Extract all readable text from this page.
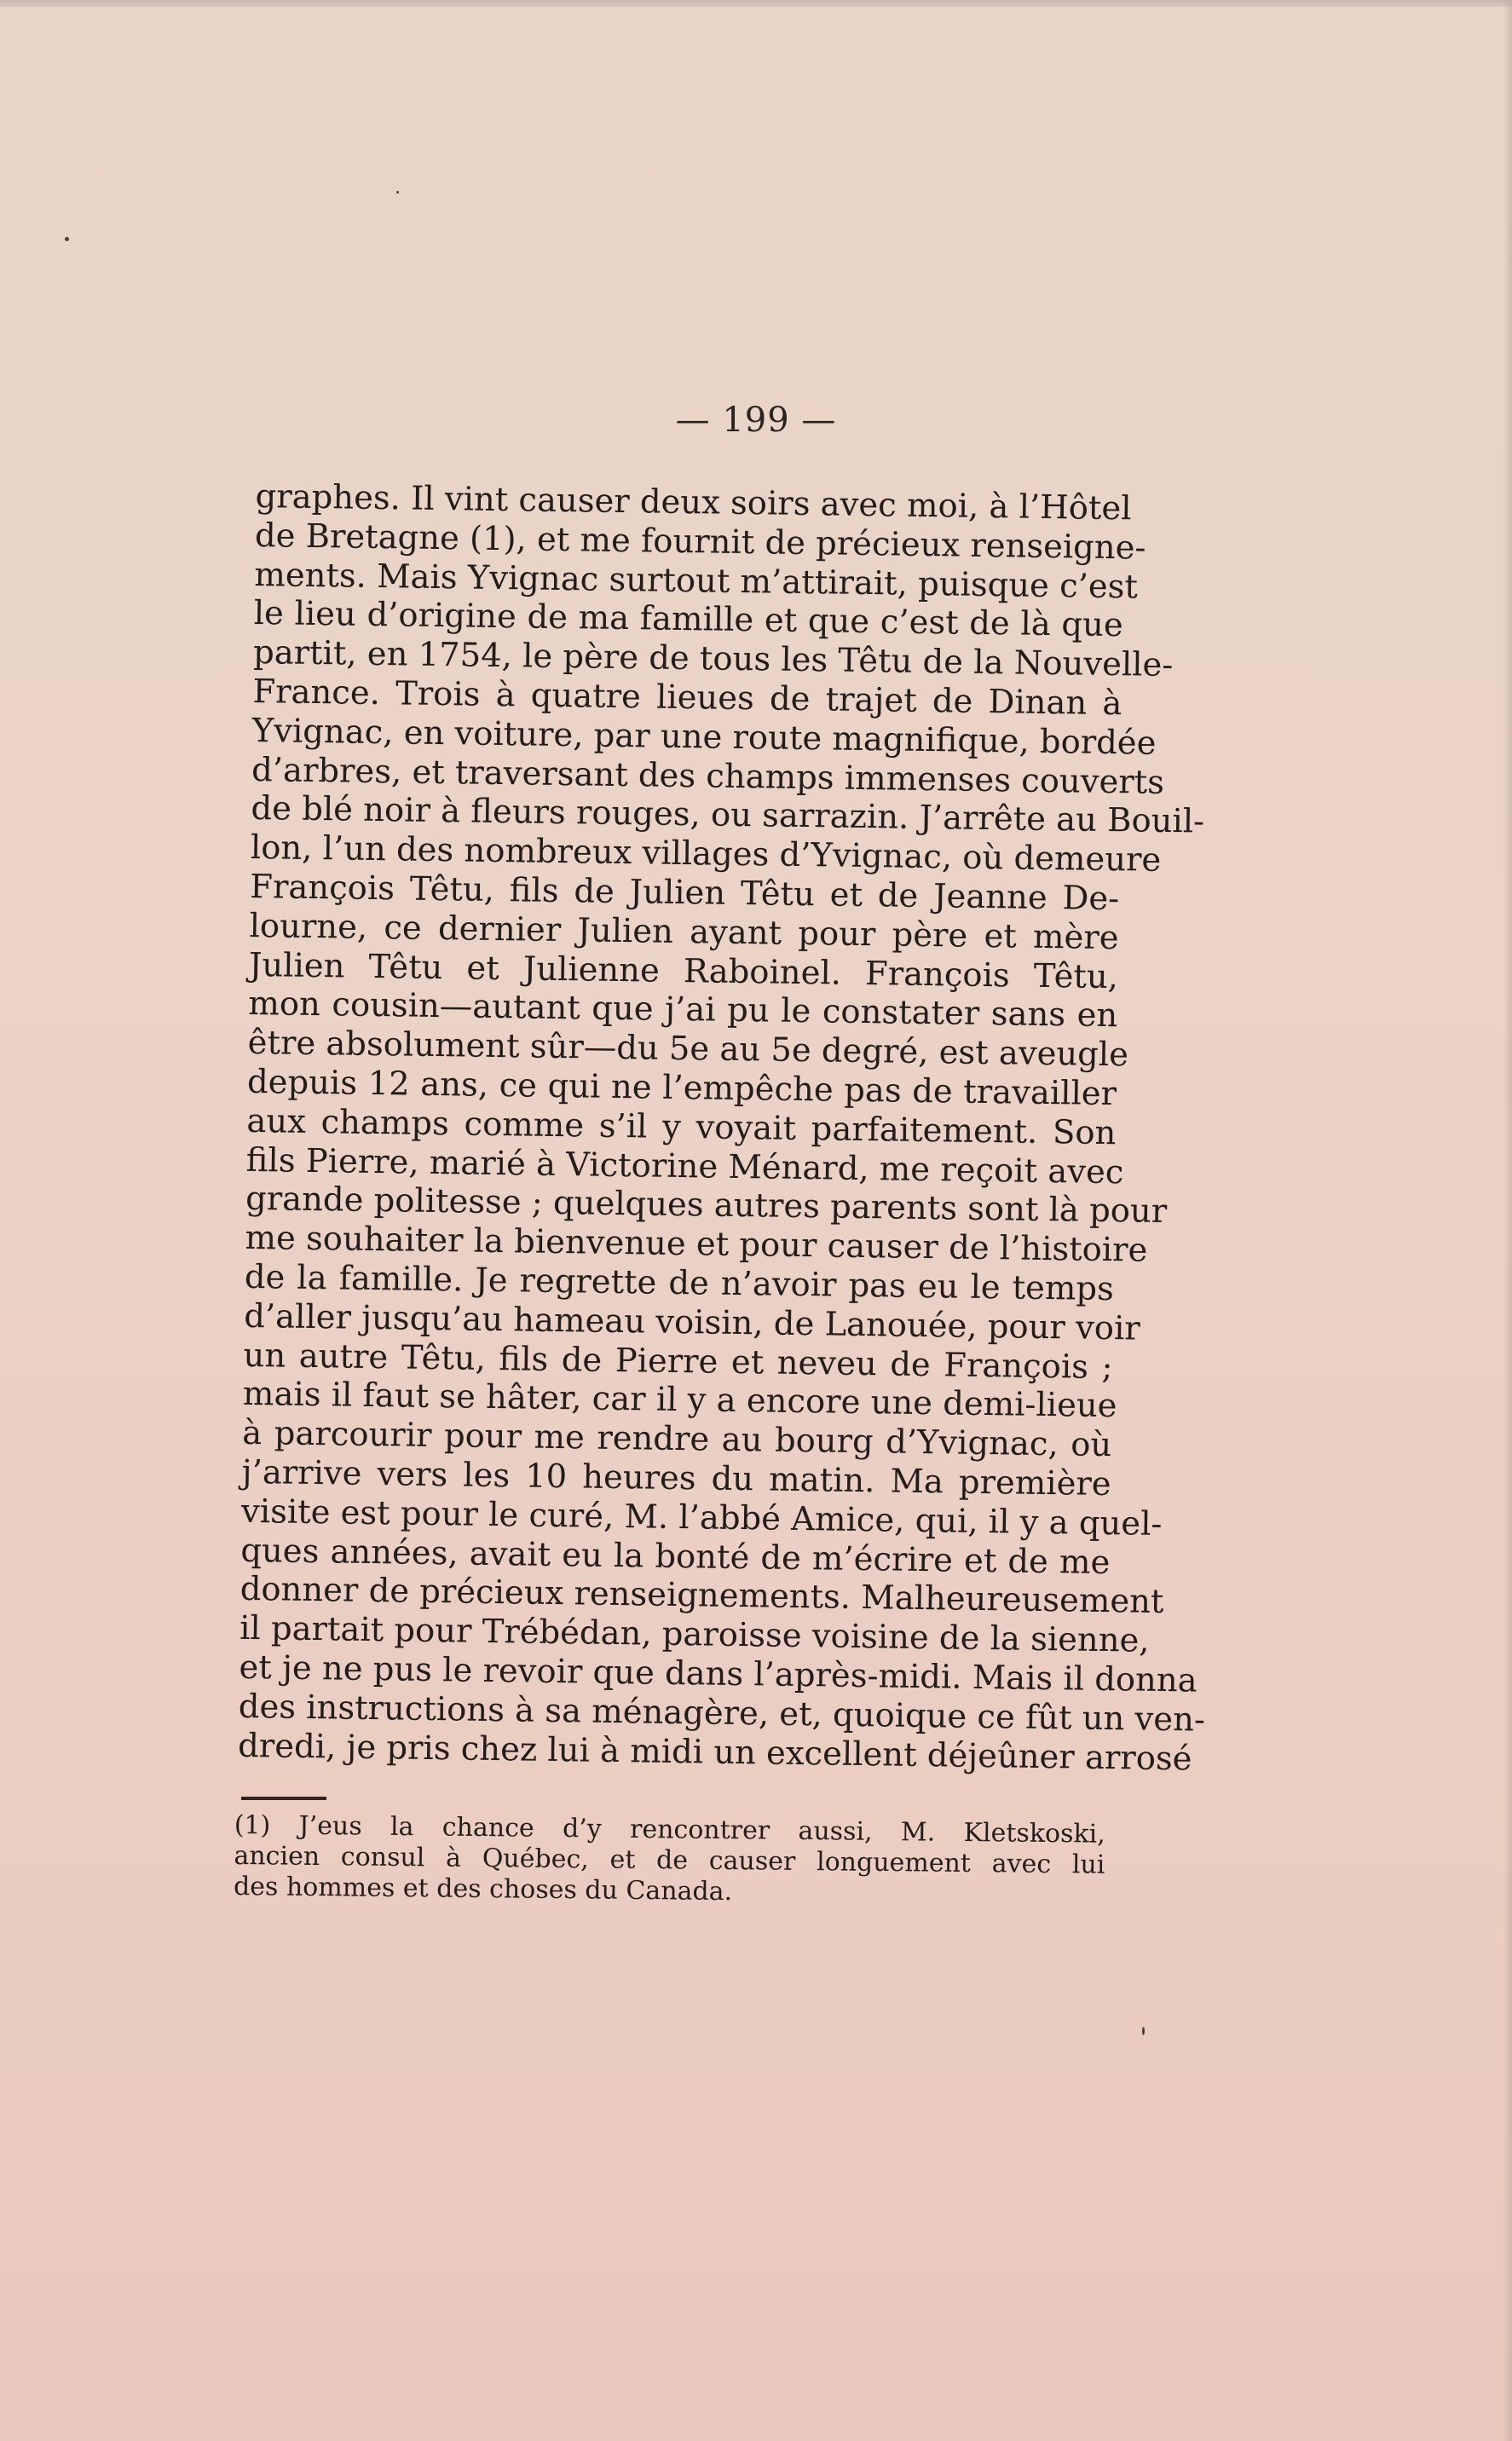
— 199 —
graphes. Il vint causer deux soirs avec moi, à l’Hôtel
de Bretagne (1), et me fournit de précieux renseigne-
ments. Mais Yvignac surtout m’attirait, puisque c’est
le lieu d’origine de ma famille et que c’est de là que
partit, en 1754, le père de tous les Têtu de la Nouvelle-
France. Trois à quatre lieues de trajet de Dinan à
Yvignac, en voiture, par une route magnifique, bordée
d’arbres, et traversant des champs immenses couverts
de blé noir à fleurs rouges, ou sarrazin. J’arrête au Bouil-
lon, l’un des nombreux villages d’Yvignac, où demeure
François Têtu, fils de Julien Têtu et de Jeanne De-
lourne, ce dernier Julien ayant pour père et mère
Julien Têtu et Julienne Raboinel. François Têtu,
mon cousin—autant que j’ai pu le constater sans en
être absolument sûr—du 5e au 5e degré, est aveugle
depuis 12 ans, ce qui ne l’empêche pas de travailler
aux champs comme s’il y voyait parfaitement. Son
fils Pierre, marié à Victorine Ménard, me reçoit avec
grande politesse ; quelques autres parents sont là pour
me souhaiter la bienvenue et pour causer de l’histoire
de la famille. Je regrette de n’avoir pas eu le temps
d’aller jusqu’au hameau voisin, de Lanouée, pour voir
un autre Têtu, fils de Pierre et neveu de François ;
mais il faut se hâter, car il y a encore une demi-lieue
à parcourir pour me rendre au bourg d’Yvignac, où
j’arrive vers les 10 heures du matin. Ma première
visite est pour le curé, M. l’abbé Amice, qui, il y a quel-
ques années, avait eu la bonté de m’écrire et de me
donner de précieux renseignements. Malheureusement
il partait pour Trébédan, paroisse voisine de la sienne,
et je ne pus le revoir que dans l’après-midi. Mais il donna
des instructions à sa ménagère, et, quoique ce fût un ven-
dredi, je pris chez lui à midi un excellent déjeûner arrosé
(1) J’eus la chance d’y rencontrer aussi, M. Kletskoski,
ancien consul à Québec, et de causer longuement avec lui
des hommes et des choses du Canada.
